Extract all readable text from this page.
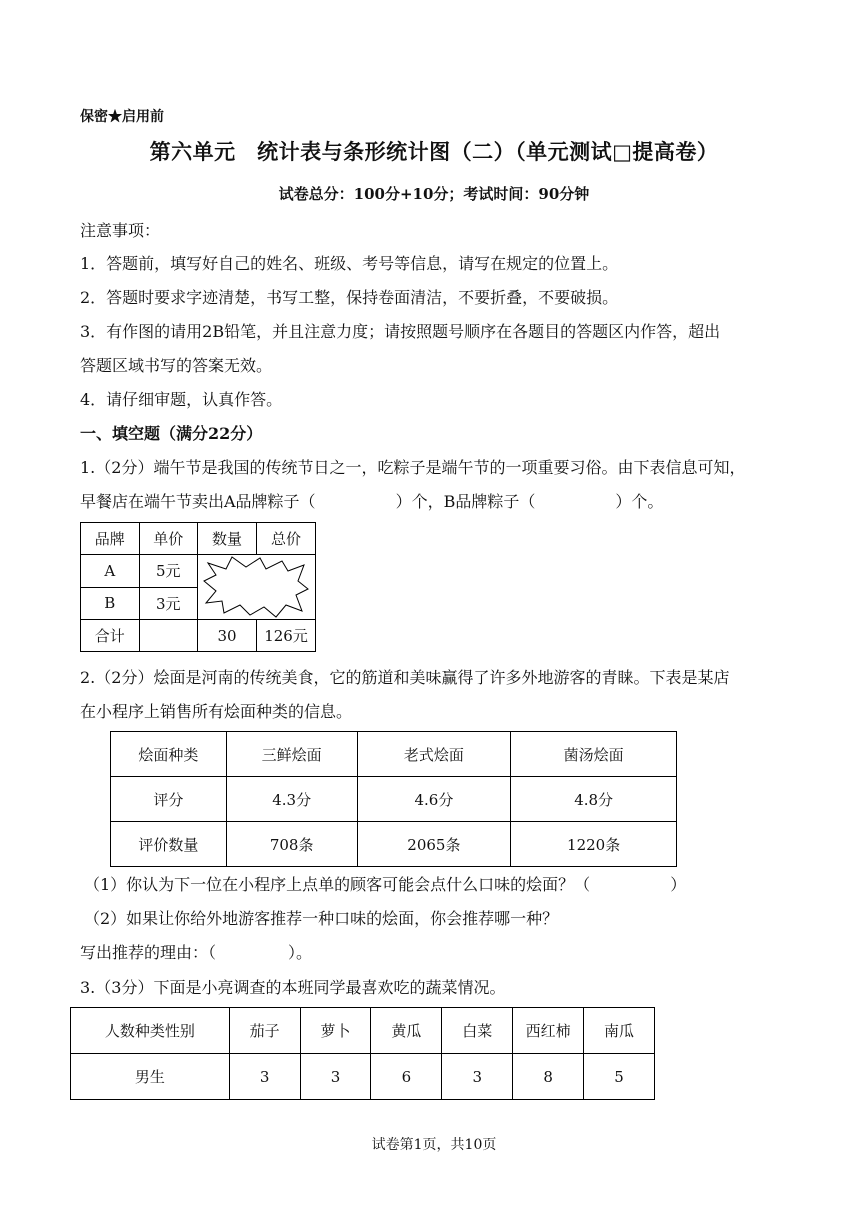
保密★启用前
第六单元　统计表与条形统计图（二）（单元测试□提高卷）
试卷总分：100分+10分；考试时间：90分钟
注意事项：
1．答题前，填写好自己的姓名、班级、考号等信息，请写在规定的位置上。
2．答题时要求字迹清楚，书写工整，保持卷面清洁，不要折叠，不要破损。
3．有作图的请用2B铅笔，并且注意力度；请按照题号顺序在各题目的答题区内作答，超出
答题区域书写的答案无效。
4．请仔细审题，认真作答。
一、填空题（满分22分）
1.（2分）端午节是我国的传统节日之一，吃粽子是端午节的一项重要习俗。由下表信息可知，
早餐店在端午节卖出A品牌粽子（	）个，B品牌粽子（	）个。
品牌	单价	数量	总价
A	5元	

B	3元		
合计		30	126元
2.（2分）烩面是河南的传统美食，它的筋道和美味赢得了许多外地游客的青睐。下表是某店
在小程序上销售所有烩面种类的信息。
烩面种类	三鲜烩面	老式烩面	菌汤烩面
评分	4.3分	4.6分	4.8分
评价数量	708条	2065条	1220条
（1）你认为下一位在小程序上点单的顾客可能会点什么口味的烩面？（	）
（2）如果让你给外地游客推荐一种口味的烩面，你会推荐哪一种？
写出推荐的理由：（	）。
3.（3分）下面是小亮调查的本班同学最喜欢吃的蔬菜情况。
人数种类性别	茄子	萝卜	黄瓜	白菜	西红柿	南瓜
男生	3	3	6	3	8	5
试卷第1页，共10页
